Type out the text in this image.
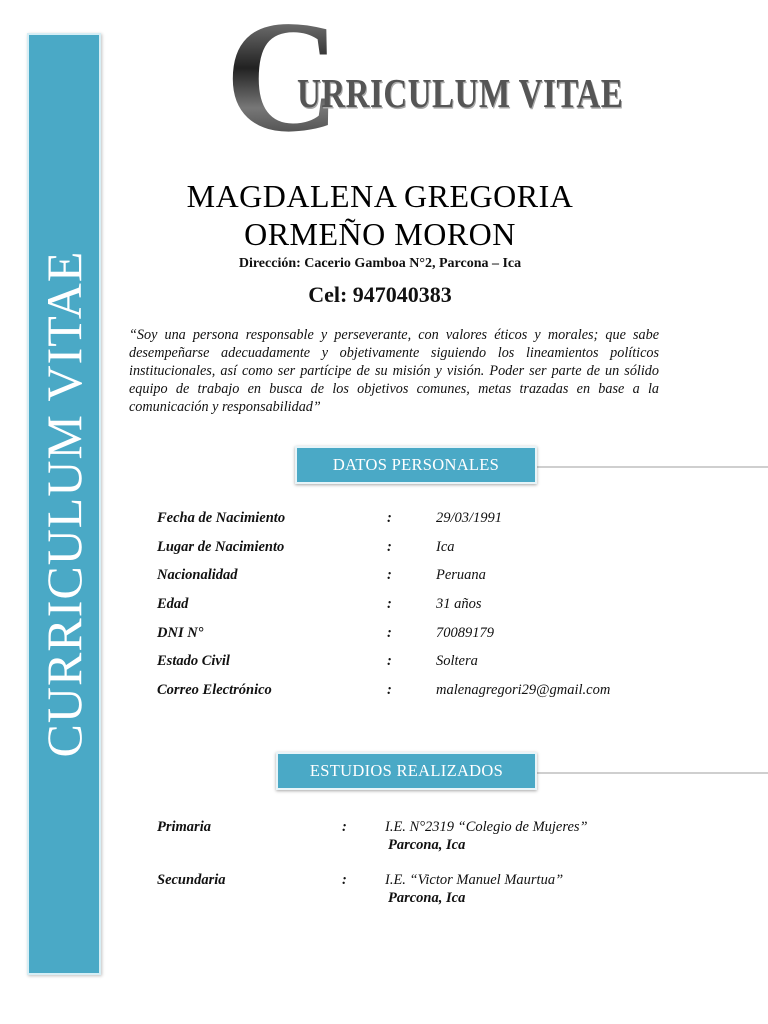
CURRICULUM VITAE
C
URRICULUM VITAE
MAGDALENA GREGORIA
ORMEÑO MORON
Dirección: Cacerio Gamboa N°2, Parcona – Ica
Cel: 947040383
“Soy una persona responsable y perseverante, con valores éticos y morales; que sabe desempeñarse adecuadamente y objetivamente siguiendo los lineamientos políticos institucionales, así como ser partícipe de su misión y visión. Poder ser parte de un sólido equipo de trabajo en busca de los objetivos comunes, metas trazadas en base a la comunicación y responsabilidad”
DATOS PERSONALES
Fecha de Nacimiento	:	29/03/1991
Lugar de Nacimiento	:	Ica
Nacionalidad	:	Peruana
Edad	:	31 años
DNI N°	:	70089179
Estado Civil	:	Soltera
Correo Electrónico	:	malenagregori29@gmail.com
ESTUDIOS REALIZADOS
Primaria	:	I.E. N°2319 “Colegio de Mujeres”
Parcona, Ica
Secundaria	:	I.E. “Victor Manuel Maurtua”
Parcona, Ica
